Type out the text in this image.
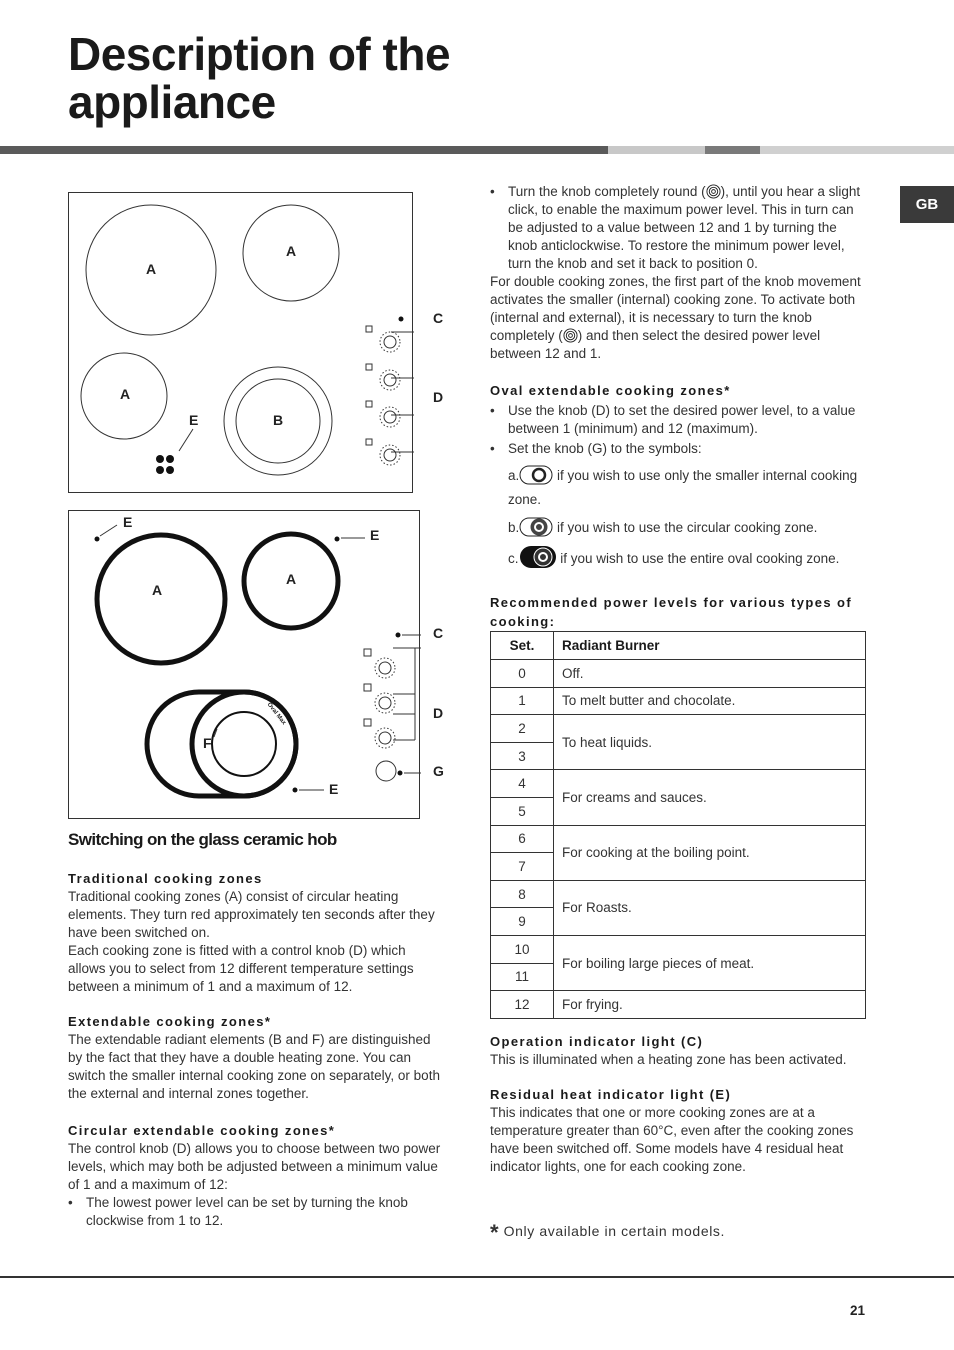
Description of the
appliance
GB
A
A
A
B
E
C
D
E
E
E
A
A
F
C
D
G
Oval Max
Switching on the glass ceramic hob
Traditional cooking zones

Traditional cooking zones (A) consist of circular heating elements. They turn red approximately ten seconds after they have been switched on.

Each cooking zone is fitted with a control knob (D) which allows you to select from 12 different temperature settings between a minimum of 1 and a maximum of 12.

Extendable cooking zones*

The extendable radiant elements (B and F) are distinguished by the fact that they have a double heating zone. You can switch the smaller internal cooking zone on separately, or both the external and internal zones together.

Circular extendable cooking zones*

The control knob (D) allows you to choose between two power levels, which may both be adjusted between a minimum value of 1 and a maximum of 12:

• The lowest power level can be set by turning the knob clockwise from 1 to 12.
• Turn the knob completely round ( ), until you hear a slight click, to enable the maximum power level. This in turn can be adjusted to a value between 12 and 1 by turning the knob anticlockwise. To restore the minimum power level, turn the knob and set it back to position 0.

For double cooking zones, the first part of the knob movement activates the smaller (internal) cooking zone. To activate both (internal and external), it is necessary to turn the knob completely ( ) and then select the desired power level between 12 and 1.

Oval extendable cooking zones*
• Use the knob (D) to set the desired power level, to a value between 1 (minimum) and 12 (maximum).
• Set the knob (G) to the symbols:
a.	if you wish to use only the smaller internal cooking zone.
b.	if you wish to use the circular cooking zone.
c.	if you wish to use the entire oval cooking zone.
Recommended power levels for various types of cooking:
Set.	Radiant Burner
0	Off.
1	To melt butter and chocolate.
2	To heat liquids.
3	
4	For creams and sauces.
5	
6	For cooking at the boiling point.
7	
8	For Roasts.
9	
10	For boiling large pieces of meat.
11	
12	For frying.
Operation indicator light (C)

This is illuminated when a heating zone has been activated.

Residual heat indicator light (E)

This indicates that one or more cooking zones are at a temperature greater than 60°C, even after the cooking zones have been switched off. Some models have 4 residual heat indicator lights, one for each cooking zone.

* Only available in certain models.
21
